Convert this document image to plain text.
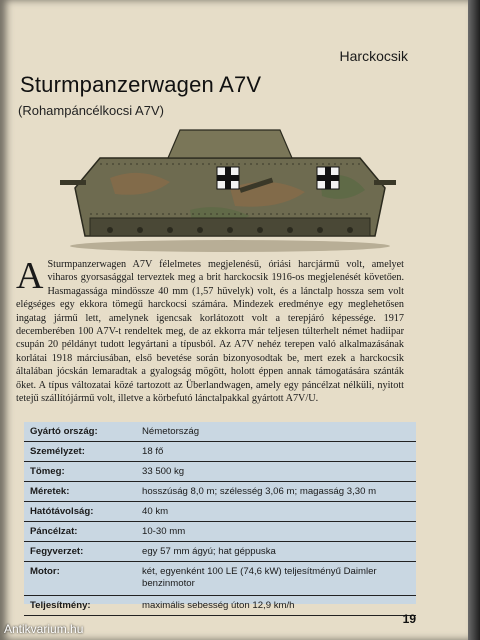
Harckocsik
Sturmpanzerwagen A7V
(Rohampáncélkocsi A7V)
A Sturmpanzerwagen A7V félelmetes megjelenésű, óriási harcjármű volt, amelyet viharos gyorsasággal terveztek meg a brit harckocsik 1916-os megjelenését követően. Hasmagassága mindössze 40 mm (1,57 hüvelyk) volt, és a lánctalp hossza sem volt elégséges egy ekkora tömegű harckocsi számára. Mindezek eredménye egy meglehetősen ingatag jármű lett, amelynek igencsak korlátozott volt a terepjáró képessége. 1917 decemberében 100 A7V-t rendeltek meg, de az ekkorra már teljesen túlterhelt német hadiipar csupán 20 példányt tudott legyártani a típusból. Az A7V nehéz terepen való alkalmazásának korlátai 1918 márciusában, első bevetése során bizonyosodtak be, mert ezek a harckocsik általában jócskán lemaradtak a gyalogság mögött, holott éppen annak támogatására szánták őket. A típus változatai közé tartozott az Überlandwagen, amely egy páncélzat nélküli, nyitott tetejű szállítójármű volt, illetve a körbefutó lánctalpakkal gyártott A7V/U.
Gyártó ország:	Németország
Személyzet:	18 fő
Tömeg:	33 500 kg
Méretek:	hosszúság 8,0 m; szélesség 3,06 m; magasság 3,30 m
Hatótávolság:	40 km
Páncélzat:	10-30 mm
Fegyverzet:	egy 57 mm ágyú; hat géppuska
Motor:	két, egyenként 100 LE (74,6 kW) teljesítményű Daimler benzinmotor
Teljesítmény:	maximális sebesség úton 12,9 km/h
19
Antikvarium.hu
